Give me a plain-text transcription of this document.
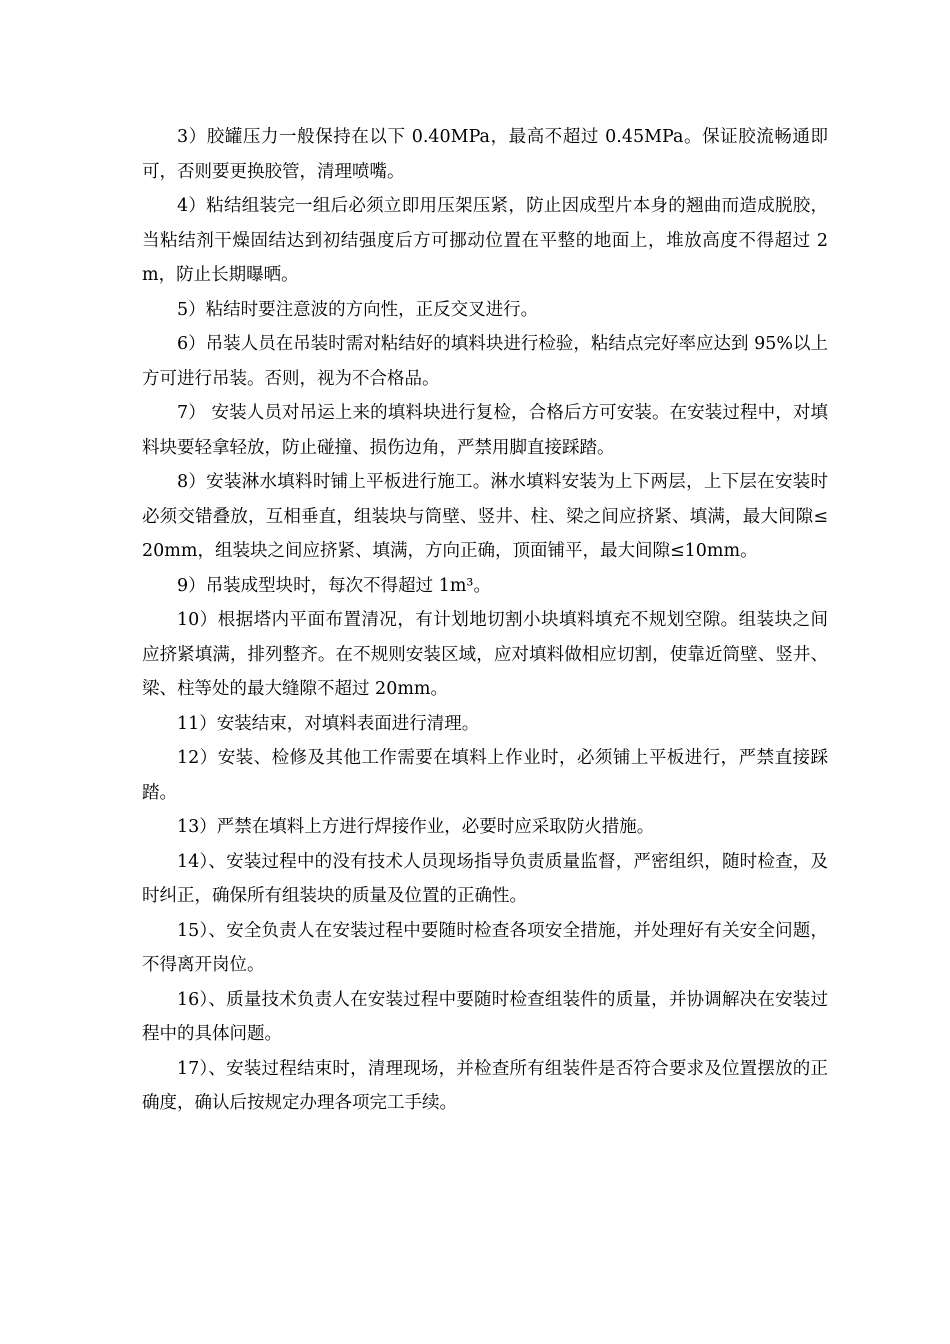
3）胶罐压力一般保持在以下 0.40MPa，最高不超过 0.45MPa。保证胶流畅通即可，否则要更换胶管，清理喷嘴。

4）粘结组装完一组后必须立即用压架压紧，防止因成型片本身的翘曲而造成脱胶，当粘结剂干燥固结达到初结强度后方可挪动位置在平整的地面上，堆放高度不得超过 2m，防止长期曝晒。

5）粘结时要注意波的方向性，正反交叉进行。

6）吊装人员在吊装时需对粘结好的填料块进行检验，粘结点完好率应达到 95%以上方可进行吊装。否则，视为不合格品。

7） 安装人员对吊运上来的填料块进行复检，合格后方可安装。在安装过程中，对填料块要轻拿轻放，防止碰撞、损伤边角，严禁用脚直接踩踏。

8）安装淋水填料时铺上平板进行施工。淋水填料安装为上下两层，上下层在安装时必须交错叠放，互相垂直，组装块与筒壁、竖井、柱、梁之间应挤紧、填满，最大间隙≤20mm，组装块之间应挤紧、填满，方向正确，顶面铺平，最大间隙≤10mm。

9）吊装成型块时，每次不得超过 1m³。

10）根据塔内平面布置清况，有计划地切割小块填料填充不规划空隙。组装块之间应挤紧填满，排列整齐。在不规则安装区域，应对填料做相应切割，使靠近筒壁、竖井、梁、柱等处的最大缝隙不超过 20mm。

11）安装结束，对填料表面进行清理。

12）安装、检修及其他工作需要在填料上作业时，必须铺上平板进行，严禁直接踩踏。

13）严禁在填料上方进行焊接作业，必要时应采取防火措施。

14）、安装过程中的没有技术人员现场指导负责质量监督，严密组织，随时检查，及时纠正，确保所有组装块的质量及位置的正确性。

15）、安全负责人在安装过程中要随时检查各项安全措施，并处理好有关安全问题，不得离开岗位。

16）、质量技术负责人在安装过程中要随时检查组装件的质量，并协调解决在安装过程中的具体问题。

17）、安装过程结束时，清理现场，并检查所有组装件是否符合要求及位置摆放的正确度，确认后按规定办理各项完工手续。
